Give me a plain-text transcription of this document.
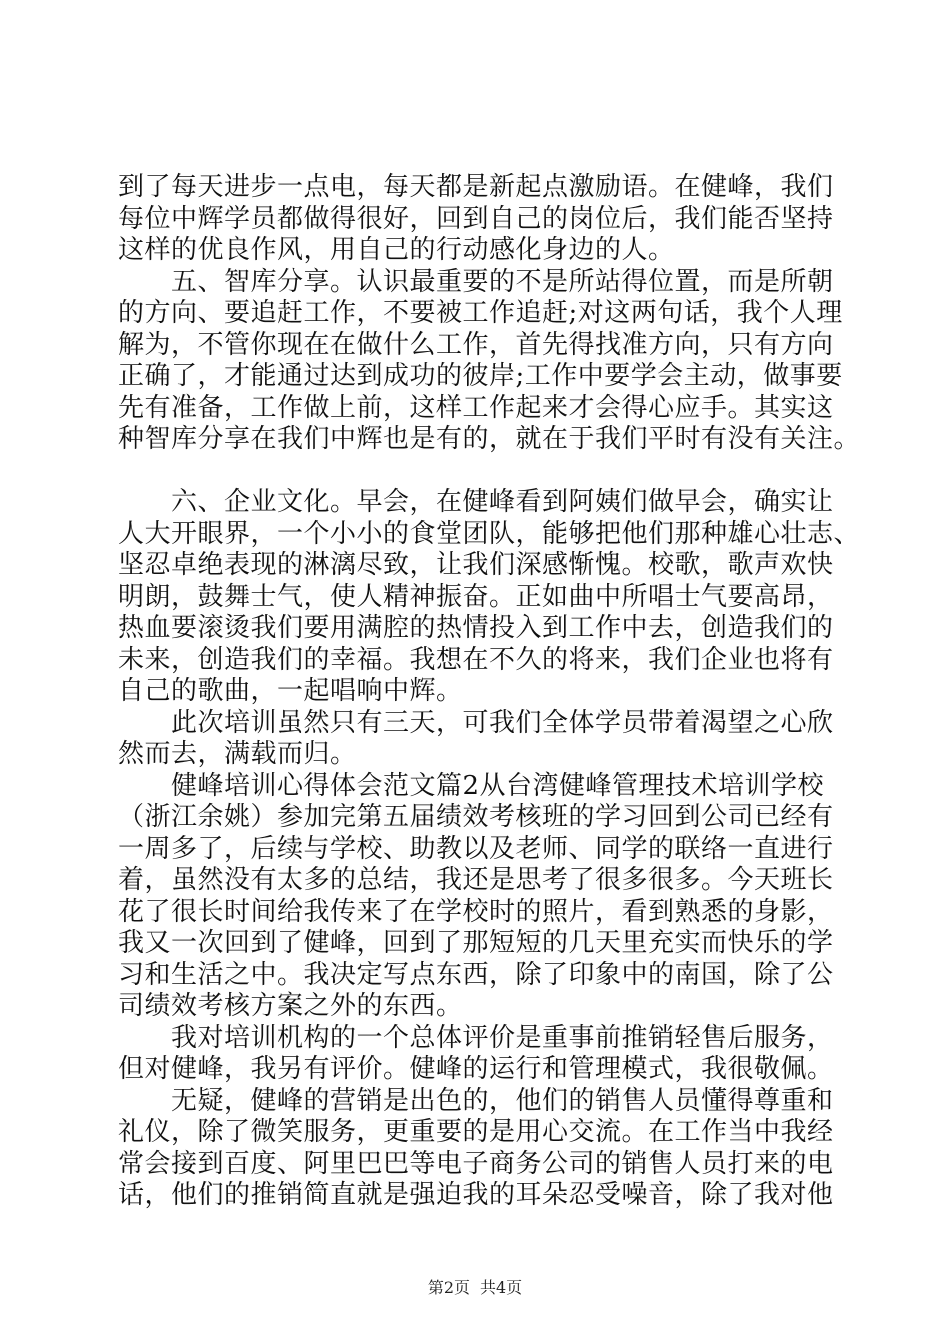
到了每天进步一点电，每天都是新起点激励语。在健峰，我们
每位中辉学员都做得很好，回到自己的岗位后，我们能否坚持
这样的优良作风，用自己的行动感化身边的人。
　　五、智库分享。认识最重要的不是所站得位置，而是所朝
的方向、要追赶工作，不要被工作追赶;对这两句话，我个人理
解为，不管你现在在做什么工作，首先得找准方向，只有方向
正确了，才能通过达到成功的彼岸;工作中要学会主动，做事要
先有准备，工作做上前，这样工作起来才会得心应手。其实这
种智库分享在我们中辉也是有的，就在于我们平时有没有关注。
　　六、企业文化。早会，在健峰看到阿姨们做早会，确实让
人大开眼界，一个小小的食堂团队，能够把他们那种雄心壮志、
坚忍卓绝表现的淋漓尽致，让我们深感惭愧。校歌，歌声欢快
明朗，鼓舞士气，使人精神振奋。正如曲中所唱士气要高昂，
热血要滚烫我们要用满腔的热情投入到工作中去，创造我们的
未来，创造我们的幸福。我想在不久的将来，我们企业也将有
自己的歌曲，一起唱响中辉。
　　此次培训虽然只有三天，可我们全体学员带着渴望之心欣
然而去，满载而归。
　　健峰培训心得体会范文篇2从台湾健峰管理技术培训学校
（浙江余姚）参加完第五届绩效考核班的学习回到公司已经有
一周多了，后续与学校、助教以及老师、同学的联络一直进行
着，虽然没有太多的总结，我还是思考了很多很多。今天班长
花了很长时间给我传来了在学校时的照片，看到熟悉的身影，
我又一次回到了健峰，回到了那短短的几天里充实而快乐的学
习和生活之中。我决定写点东西，除了印象中的南国，除了公
司绩效考核方案之外的东西。
　　我对培训机构的一个总体评价是重事前推销轻售后服务，
但对健峰，我另有评价。健峰的运行和管理模式，我很敬佩。
　　无疑，健峰的营销是出色的，他们的销售人员懂得尊重和
礼仪，除了微笑服务，更重要的是用心交流。在工作当中我经
常会接到百度、阿里巴巴等电子商务公司的销售人员打来的电
话，他们的推销简直就是强迫我的耳朵忍受噪音，除了我对他
第2页 共4页
